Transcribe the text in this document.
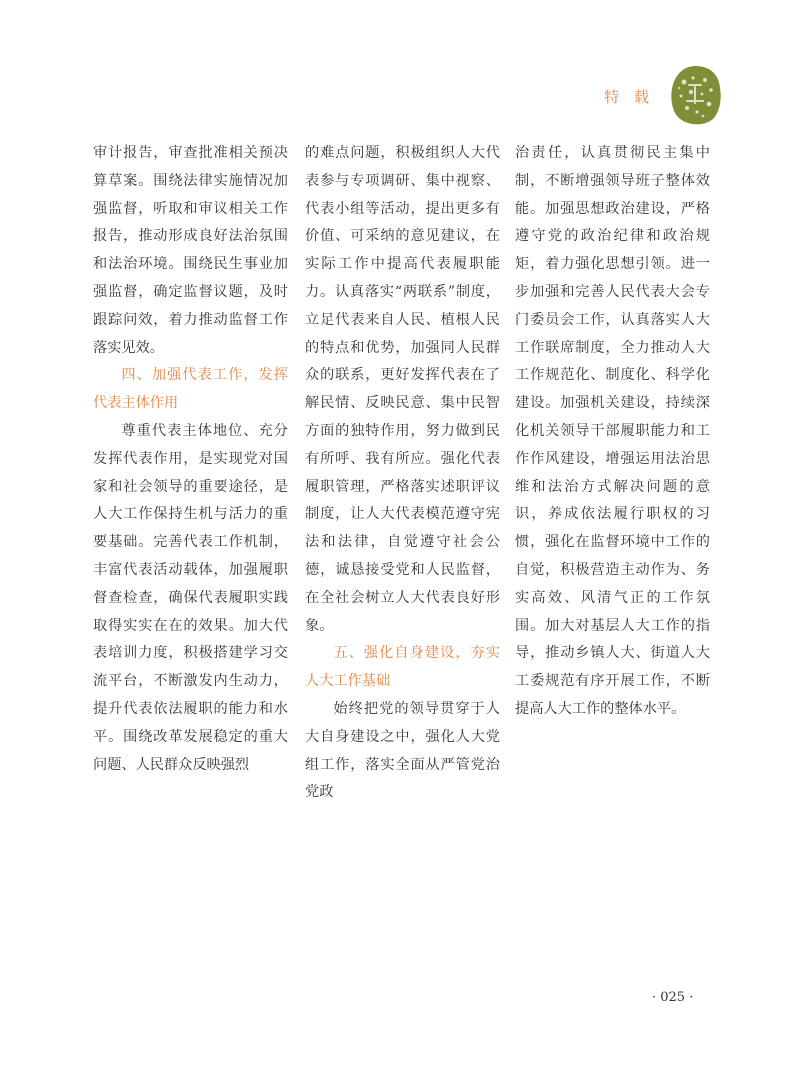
特 载

审计报告，审查批准相关预决算草案。围绕法律实施情况加强监督，听取和审议相关工作报告，推动形成良好法治氛围和法治环境。围绕民生事业加强监督，确定监督议题，及时跟踪问效，着力推动监督工作落实见效。

四、加强代表工作，发挥代表主体作用

尊重代表主体地位、充分发挥代表作用，是实现党对国家和社会领导的重要途径，是人大工作保持生机与活力的重要基础。完善代表工作机制，丰富代表活动载体，加强履职督查检查，确保代表履职实践取得实实在在的效果。加大代表培训力度，积极搭建学习交流平台，不断激发内生动力，提升代表依法履职的能力和水平。围绕改革发展稳定的重大问题、人民群众反映强烈

的难点问题，积极组织人大代表参与专项调研、集中视察、代表小组等活动，提出更多有价值、可采纳的意见建议，在实际工作中提高代表履职能力。认真落实“两联系”制度，立足代表来自人民、植根人民的特点和优势，加强同人民群众的联系，更好发挥代表在了解民情、反映民意、集中民智方面的独特作用，努力做到民有所呼、我有所应。强化代表履职管理，严格落实述职评议制度，让人大代表模范遵守宪法和法律，自觉遵守社会公德，诚恳接受党和人民监督，在全社会树立人大代表良好形象。

五、强化自身建设，夯实人大工作基础

始终把党的领导贯穿于人大自身建设之中，强化人大党组工作，落实全面从严管党治党政

治责任，认真贯彻民主集中制，不断增强领导班子整体效能。加强思想政治建设，严格遵守党的政治纪律和政治规矩，着力强化思想引领。进一步加强和完善人民代表大会专门委员会工作，认真落实人大工作联席制度，全力推动人大工作规范化、制度化、科学化建设。加强机关建设，持续深化机关领导干部履职能力和工作作风建设，增强运用法治思维和法治方式解决问题的意识，养成依法履行职权的习惯，强化在监督环境中工作的自觉，积极营造主动作为、务实高效、风清气正的工作氛围。加大对基层人大工作的指导，推动乡镇人大、街道人大工委规范有序开展工作，不断提高人大工作的整体水平。

· 025 ·
